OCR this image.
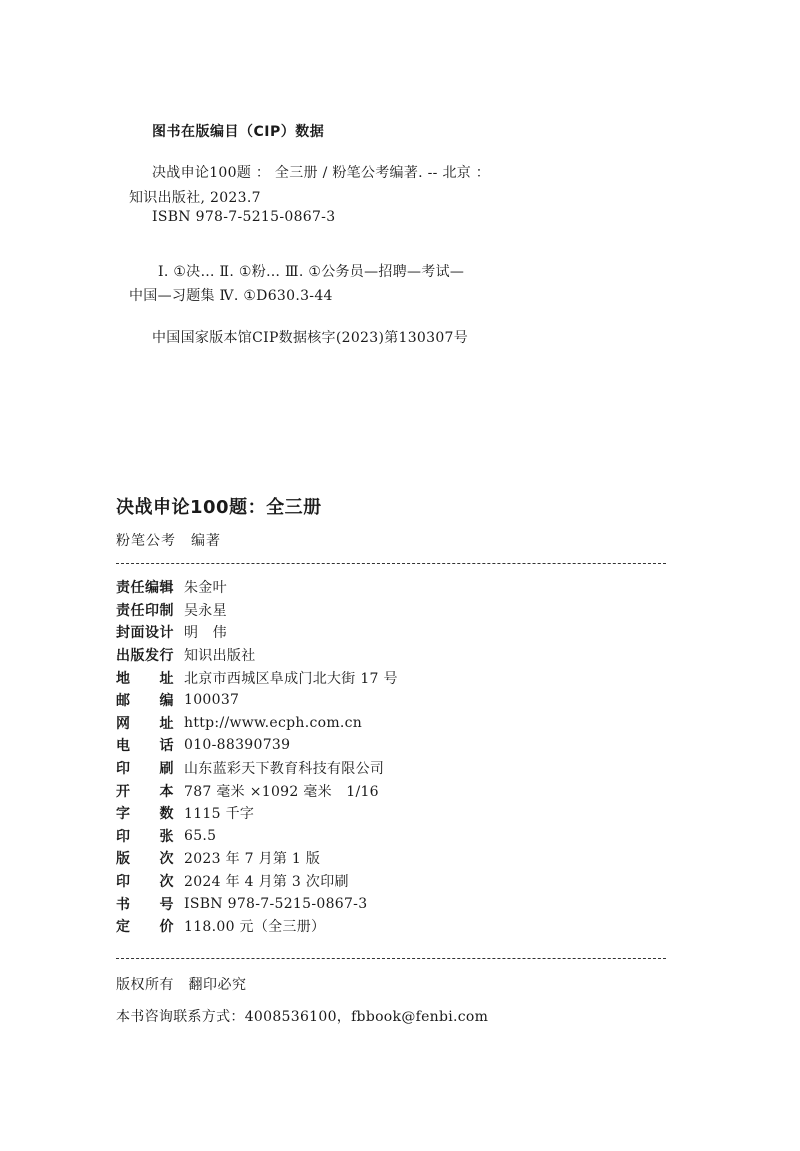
图书在版编目（CIP）数据
决战申论100题 ： 全三册 / 粉笔公考编著. -- 北京 ：
知识出版社, 2023.7
ISBN 978-7-5215-0867-3
Ⅰ. ①决… Ⅱ. ①粉… Ⅲ. ①公务员—招聘—考试—
中国—习题集 Ⅳ. ①D630.3-44
中国国家版本馆CIP数据核字(2023)第130307号
决战申论100题：全三册
粉笔公考　编著
责任编辑 朱金叶
责任印制 吴永星
封面设计 明　伟
出版发行 知识出版社
地　　址 北京市西城区阜成门北大街 17 号
邮　　编 100037
网　　址 http://www.ecph.com.cn
电　　话 010-88390739
印　　刷 山东蓝彩天下教育科技有限公司
开　　本 787 毫米 ×1092 毫米　1/16
字　　数 1115 千字
印　　张 65.5
版　　次 2023 年 7 月第 1 版
印　　次 2024 年 4 月第 3 次印刷
书　　号 ISBN 978-7-5215-0867-3
定　　价 118.00 元（全三册）
版权所有　翻印必究
本书咨询联系方式：4008536100，fbbook@fenbi.com
